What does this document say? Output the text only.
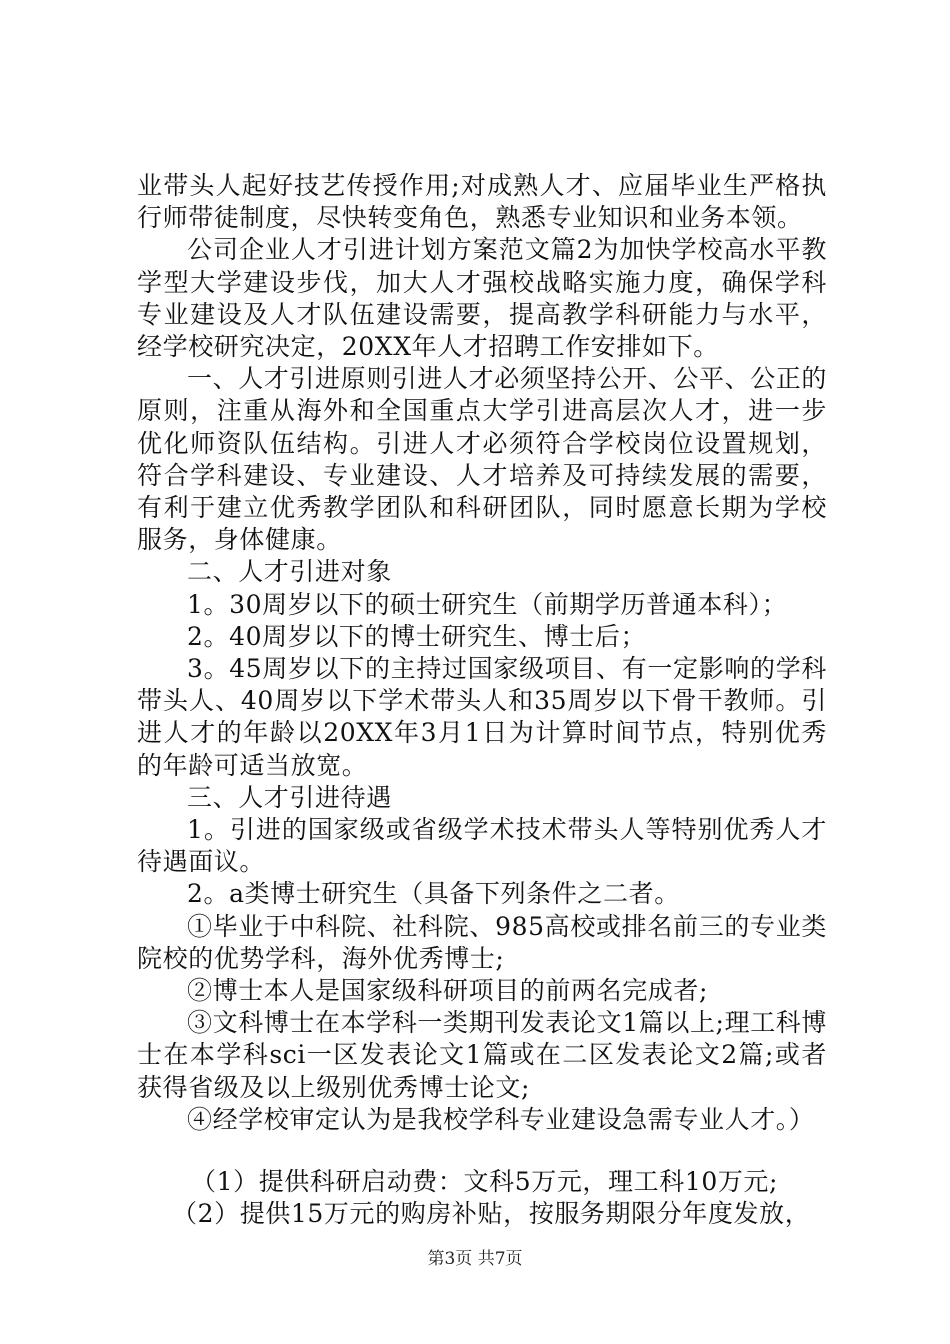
业带头人起好技艺传授作用;对成熟人才、应届毕业生严格执行师带徒制度，尽快转变角色，熟悉专业知识和业务本领。

公司企业人才引进计划方案范文篇2为加快学校高水平教学型大学建设步伐，加大人才强校战略实施力度，确保学科专业建设及人才队伍建设需要，提高教学科研能力与水平，经学校研究决定，20XX年人才招聘工作安排如下。

一、人才引进原则引进人才必须坚持公开、公平、公正的原则，注重从海外和全国重点大学引进高层次人才，进一步优化师资队伍结构。引进人才必须符合学校岗位设置规划，符合学科建设、专业建设、人才培养及可持续发展的需要，有利于建立优秀教学团队和科研团队，同时愿意长期为学校服务，身体健康。

二、人才引进对象

1。30周岁以下的硕士研究生（前期学历普通本科）；

2。40周岁以下的博士研究生、博士后；

3。45周岁以下的主持过国家级项目、有一定影响的学科带头人、40周岁以下学术带头人和35周岁以下骨干教师。引进人才的年龄以20XX年3月1日为计算时间节点，特别优秀的年龄可适当放宽。

三、人才引进待遇

1。引进的国家级或省级学术技术带头人等特别优秀人才待遇面议。

2。a类博士研究生（具备下列条件之二者。

①毕业于中科院、社科院、985高校或排名前三的专业类院校的优势学科，海外优秀博士;

②博士本人是国家级科研项目的前两名完成者;

③文科博士在本学科一类期刊发表论文1篇以上;理工科博士在本学科sci一区发表论文1篇或在二区发表论文2篇;或者获得省级及以上级别优秀博士论文;

④经学校审定认为是我校学科专业建设急需专业人才。）

（1）提供科研启动费：文科5万元，理工科10万元;

（2）提供15万元的购房补贴，按服务期限分年度发放，

第3页 共7页
